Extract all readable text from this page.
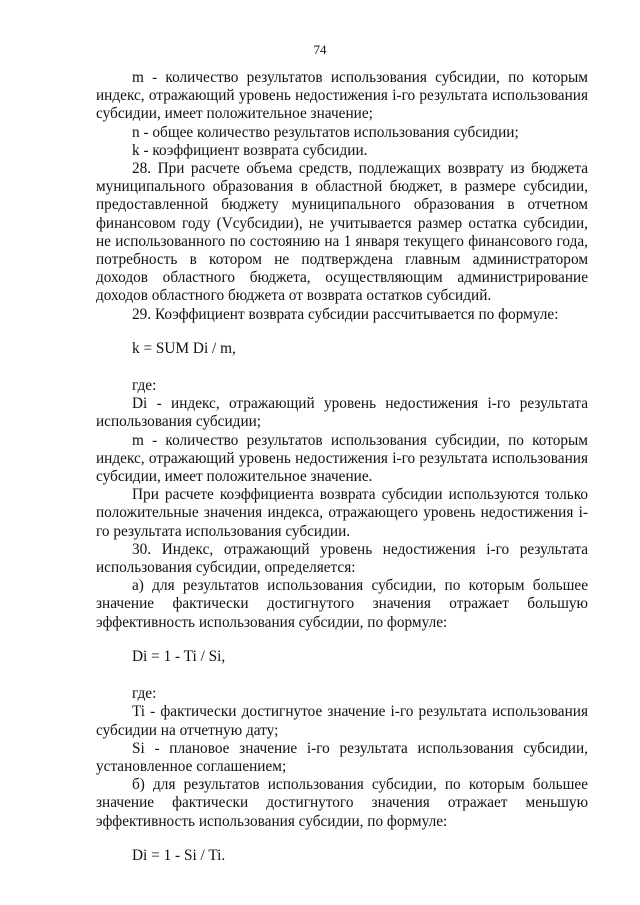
74

m - количество результатов использования субсидии, по которым индекс, отражающий уровень недостижения i-го результата использования субсидии, имеет положительное значение;

n - общее количество результатов использования субсидии;

k - коэффициент возврата субсидии.

28. При расчете объема средств, подлежащих возврату из бюджета муниципального образования в областной бюджет, в размере субсидии, предоставленной бюджету муниципального образования в отчетном финансовом году (Vсубсидии), не учитывается размер остатка субсидии, не использованного по состоянию на 1 января текущего финансового года, потребность в котором не подтверждена главным администратором доходов областного бюджета, осуществляющим администрирование доходов областного бюджета от возврата остатков субсидий.

29. Коэффициент возврата субсидии рассчитывается по формуле:

k = SUM Di / m,

где:

Di - индекс, отражающий уровень недостижения i-го результата использования субсидии;

m - количество результатов использования субсидии, по которым индекс, отражающий уровень недостижения i-го результата использования субсидии, имеет положительное значение.

При расчете коэффициента возврата субсидии используются только положительные значения индекса, отражающего уровень недостижения i-го результата использования субсидии.

30. Индекс, отражающий уровень недостижения i-го результата использования субсидии, определяется:

а) для результатов использования субсидии, по которым большее значение фактически достигнутого значения отражает большую эффективность использования субсидии, по формуле:

Di = 1 - Ti / Si,

где:

Ti - фактически достигнутое значение i-го результата использования субсидии на отчетную дату;

Si - плановое значение i-го результата использования субсидии, установленное соглашением;

б) для результатов использования субсидии, по которым большее значение фактически достигнутого значения отражает меньшую эффективность использования субсидии, по формуле:

Di = 1 - Si / Ti.
